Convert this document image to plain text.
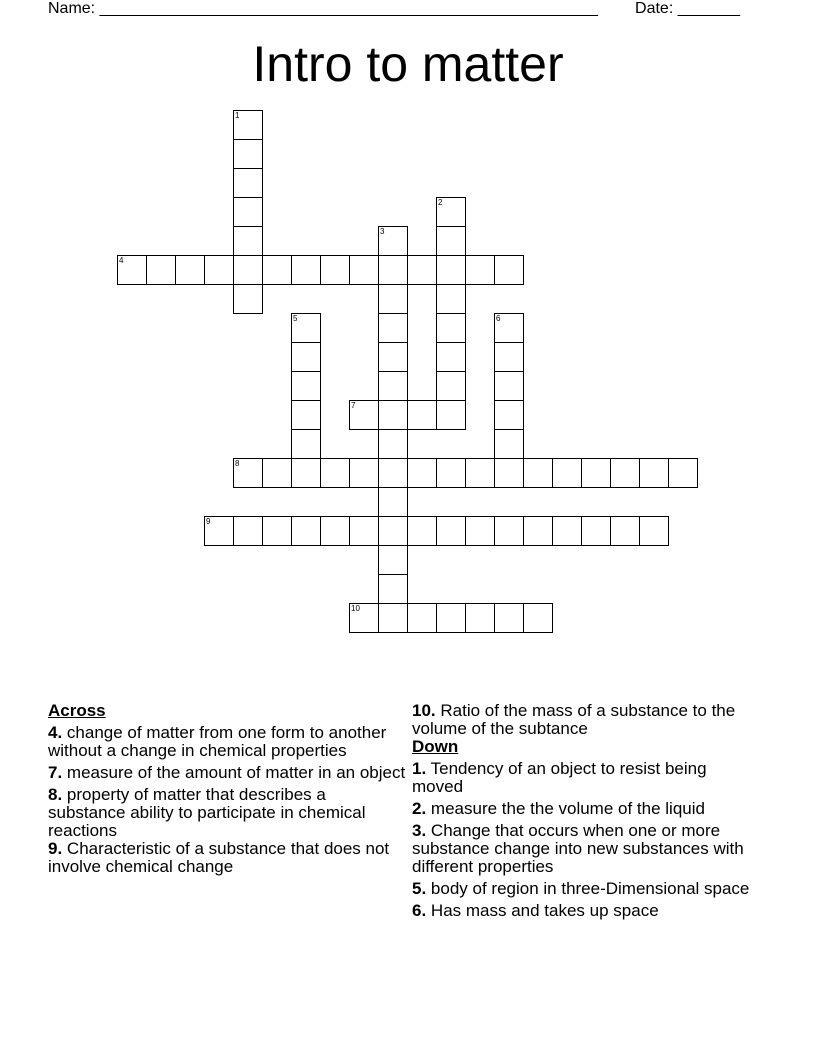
Name: ________________________________________________________ Date: _______
Intro to matter
1
2
3
4
5	6
7
8
9
10

Across

4. change of matter from one form to another without a change in chemical properties

7. measure of the amount of matter in an object

8. property of matter that describes a substance ability to participate in chemical reactions

9. Characteristic of a substance that does not involve chemical change

10. Ratio of the mass of a substance to the volume of the subtance

Down

1. Tendency of an object to resist being moved

2. measure the the volume of the liquid

3. Change that occurs when one or more substance change into new substances with different properties

5. body of region in three-Dimensional space

6. Has mass and takes up space
